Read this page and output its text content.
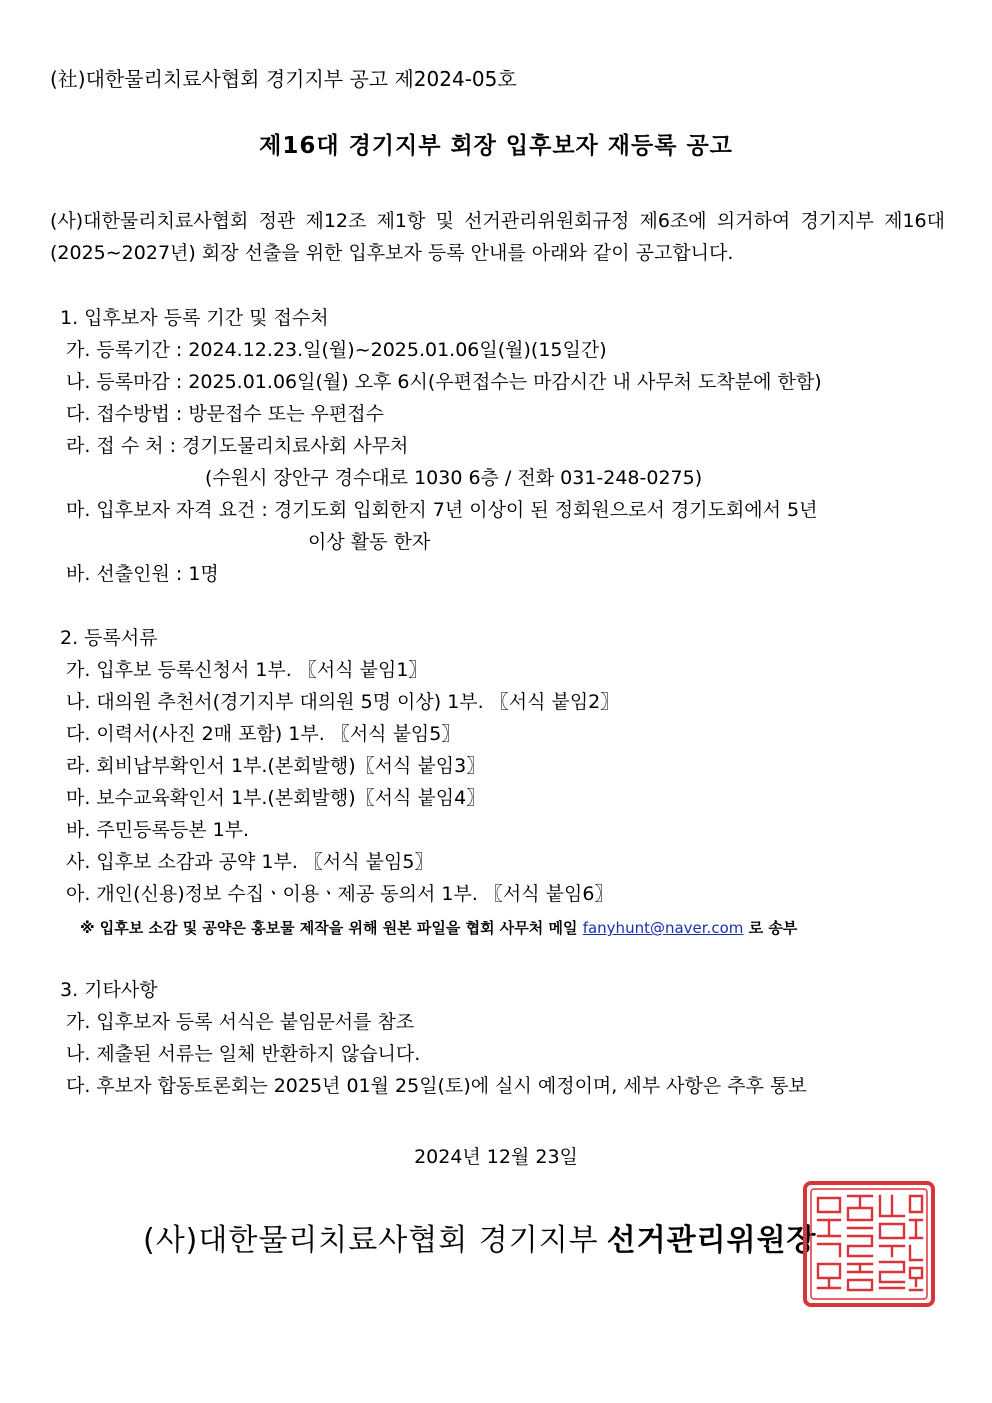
(社)대한물리치료사협회 경기지부 공고 제2024-05호
제16대 경기지부 회장 입후보자 재등록 공고
(사)대한물리치료사협회 정관 제12조 제1항 및 선거관리위원회규정 제6조에 의거하여 경기지부 제16대(2025∼2027년) 회장 선출을 위한 입후보자 등록 안내를 아래와 같이 공고합니다.
1. 입후보자 등록 기간 및 접수처
가. 등록기간 : 2024.12.23.일(월)~2025.01.06일(월)(15일간)
나. 등록마감 : 2025.01.06일(월) 오후 6시(우편접수는 마감시간 내 사무처 도착분에 한함)
다. 접수방법 : 방문접수 또는 우편접수
라. 접 수 처 : 경기도물리치료사회 사무처
(수원시 장안구 경수대로 1030 6층 / 전화 031-248-0275)
마. 입후보자 자격 요건 : 경기도회 입회한지 7년 이상이 된 정회원으로서 경기도회에서 5년
이상 활동 한자
바. 선출인원 : 1명
2. 등록서류
가. 입후보 등록신청서 1부. 〖서식 붙임1〗
나. 대의원 추천서(경기지부 대의원 5명 이상) 1부. 〖서식 붙임2〗
다. 이력서(사진 2매 포함) 1부. 〖서식 붙임5〗
라. 회비납부확인서 1부.(본회발행)〖서식 붙임3〗
마. 보수교육확인서 1부.(본회발행)〖서식 붙임4〗
바. 주민등록등본 1부.
사. 입후보 소감과 공약 1부. 〖서식 붙임5〗
아. 개인(신용)정보 수집ㆍ이용ㆍ제공 동의서 1부. 〖서식 붙임6〗
※ 입후보 소감 및 공약은 홍보물 제작을 위해 원본 파일을 협회 사무처 메일 fanyhunt@naver.com 로 송부
3. 기타사항
가. 입후보자 등록 서식은 붙임문서를 참조
나. 제출된 서류는 일체 반환하지 않습니다.
다. 후보자 합동토론회는 2025년 01월 25일(토)에 실시 예정이며, 세부 사항은 추후 통보
2024년 12월 23일
(사)대한물리치료사협회 경기지부 선거관리위원장
